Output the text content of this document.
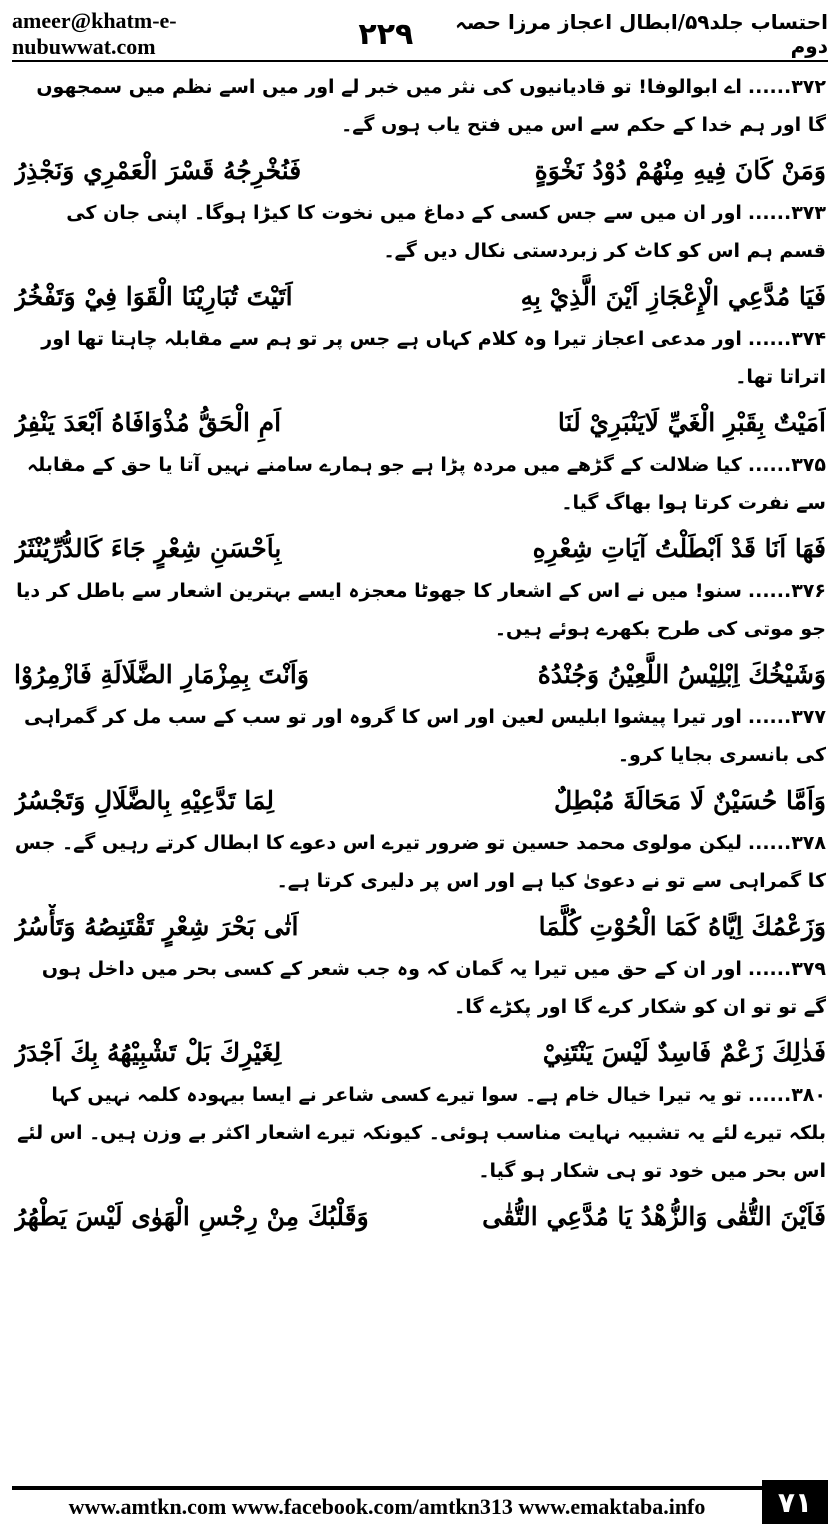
ameer@khatm-e-nubuwwat.com	۲۲۹	احتساب جلد۵۹/ابطال اعجاز مرزا حصہ دوم

۳۷۲......اے ابوالوفا! تو قادیانیوں کی نثر میں خبر لے اور میں اسے نظم میں سمجھوں گا اور ہم خدا کے حکم سے اس میں فتح یاب ہوں گے۔

وَمَنْ كَانَ فِيهِ مِنْهُمْ دُوْدُ نَخْوَةٍ
فَنُخْرِجُهُ قَسْرَ الْعَمْرِي وَنَجْذِرُ

۳۷۳......اور ان میں سے جس کسی کے دماغ میں نخوت کا کیڑا ہوگا۔ اپنی جان کی قسم ہم اس کو کاٹ کر زبردستی نکال دیں گے۔

فَيَا مُدَّعِي الْإِعْجَازِ اَيْنَ الَّذِيْ بِهِ
اَتَيْتَ تُبَارِيْنَا الْقَوَا فِيْ وَتَفْخُرُ

۳۷۴......اور مدعی اعجاز تیرا وہ کلام کہاں ہے جس پر تو ہم سے مقابلہ چاہتا تھا اور اتراتا تھا۔

اَمَيْتٌ بِقَبْرِ الْغَيِّ لَايَنْبَرِيْ لَنَا
اَمِ الْحَقُّ مُذْوَافَاهُ اَبْعَدَ يَنْفِرُ

۳۷۵......کیا ضلالت کے گڑھے میں مردہ پڑا ہے جو ہمارے سامنے نہیں آتا یا حق کے مقابلہ سے نفرت کرتا ہوا بھاگ گیا۔

فَهَا اَنَا قَدْ اَبْطَلْتُ آيَاتِ شِعْرِهِ
بِاَحْسَنِ شِعْرٍ جَاءَ كَالدُّرِّيُنْثَرُ

۳۷۶......سنو! میں نے اس کے اشعار کا جھوٹا معجزہ ایسے بہترین اشعار سے باطل کر دیا جو موتی کی طرح بکھرے ہوئے ہیں۔

وَشَيْخُكَ اِبْلِيْسُ اللَّعِيْنُ وَجُنْدُهُ
وَاَنْتَ بِمِزْمَارِ الضَّلَالَةِ فَازْمِرُوْا

۳۷۷......اور تیرا پیشوا ابلیس لعین اور اس کا گروہ اور تو سب کے سب مل کر گمراہی کی بانسری بجایا کرو۔

وَاَمَّا حُسَيْنٌ لَا مَحَالَةَ مُبْطِلٌ
لِمَا تَدَّعِيْهِ بِالضَّلَالِ وَتَجْسُرُ

۳۷۸......لیکن مولوی محمد حسین تو ضرور تیرے اس دعوے کا ابطال کرتے رہیں گے۔ جس کا گمراہی سے تو نے دعویٰ کیا ہے اور اس پر دلیری کرتا ہے۔

وَزَعْمُكَ اِيَّاهُ كَمَا الْحُوْتِ كُلَّمَا
اَتٰى بَحْرَ شِعْرٍ تَقْتَنِصُهُ وَتَأْسُرُ

۳۷۹......اور ان کے حق میں تیرا یہ گمان کہ وہ جب شعر کے کسی بحر میں داخل ہوں گے تو تو ان کو شکار کرے گا اور پکڑے گا۔

فَذٰلِكَ زَعْمٌ فَاسِدٌ لَيْسَ يَنْتَنِيْ
لِغَيْرِكَ بَلْ تَشْبِيْهُهُ بِكَ اَجْدَرُ

۳۸۰......تو یہ تیرا خیال خام ہے۔ سوا تیرے کسی شاعر نے ایسا بیہودہ کلمہ نہیں کہا بلکہ تیرے لئے یہ تشبیہ نہایت مناسب ہوئی۔ کیونکہ تیرے اشعار اکثر بے وزن ہیں۔ اس لئے اس بحر میں خود تو ہی شکار ہو گیا۔

فَاَيْنَ التُّقٰى وَالزُّهْدُ يَا مُدَّعِي التُّقٰى
وَقَلْبُكَ مِنْ رِجْسِ الْهَوٰى لَيْسَ يَطْهُرُ
www.amtkn.com www.facebook.com/amtkn313 www.emaktaba.info	۷۱
